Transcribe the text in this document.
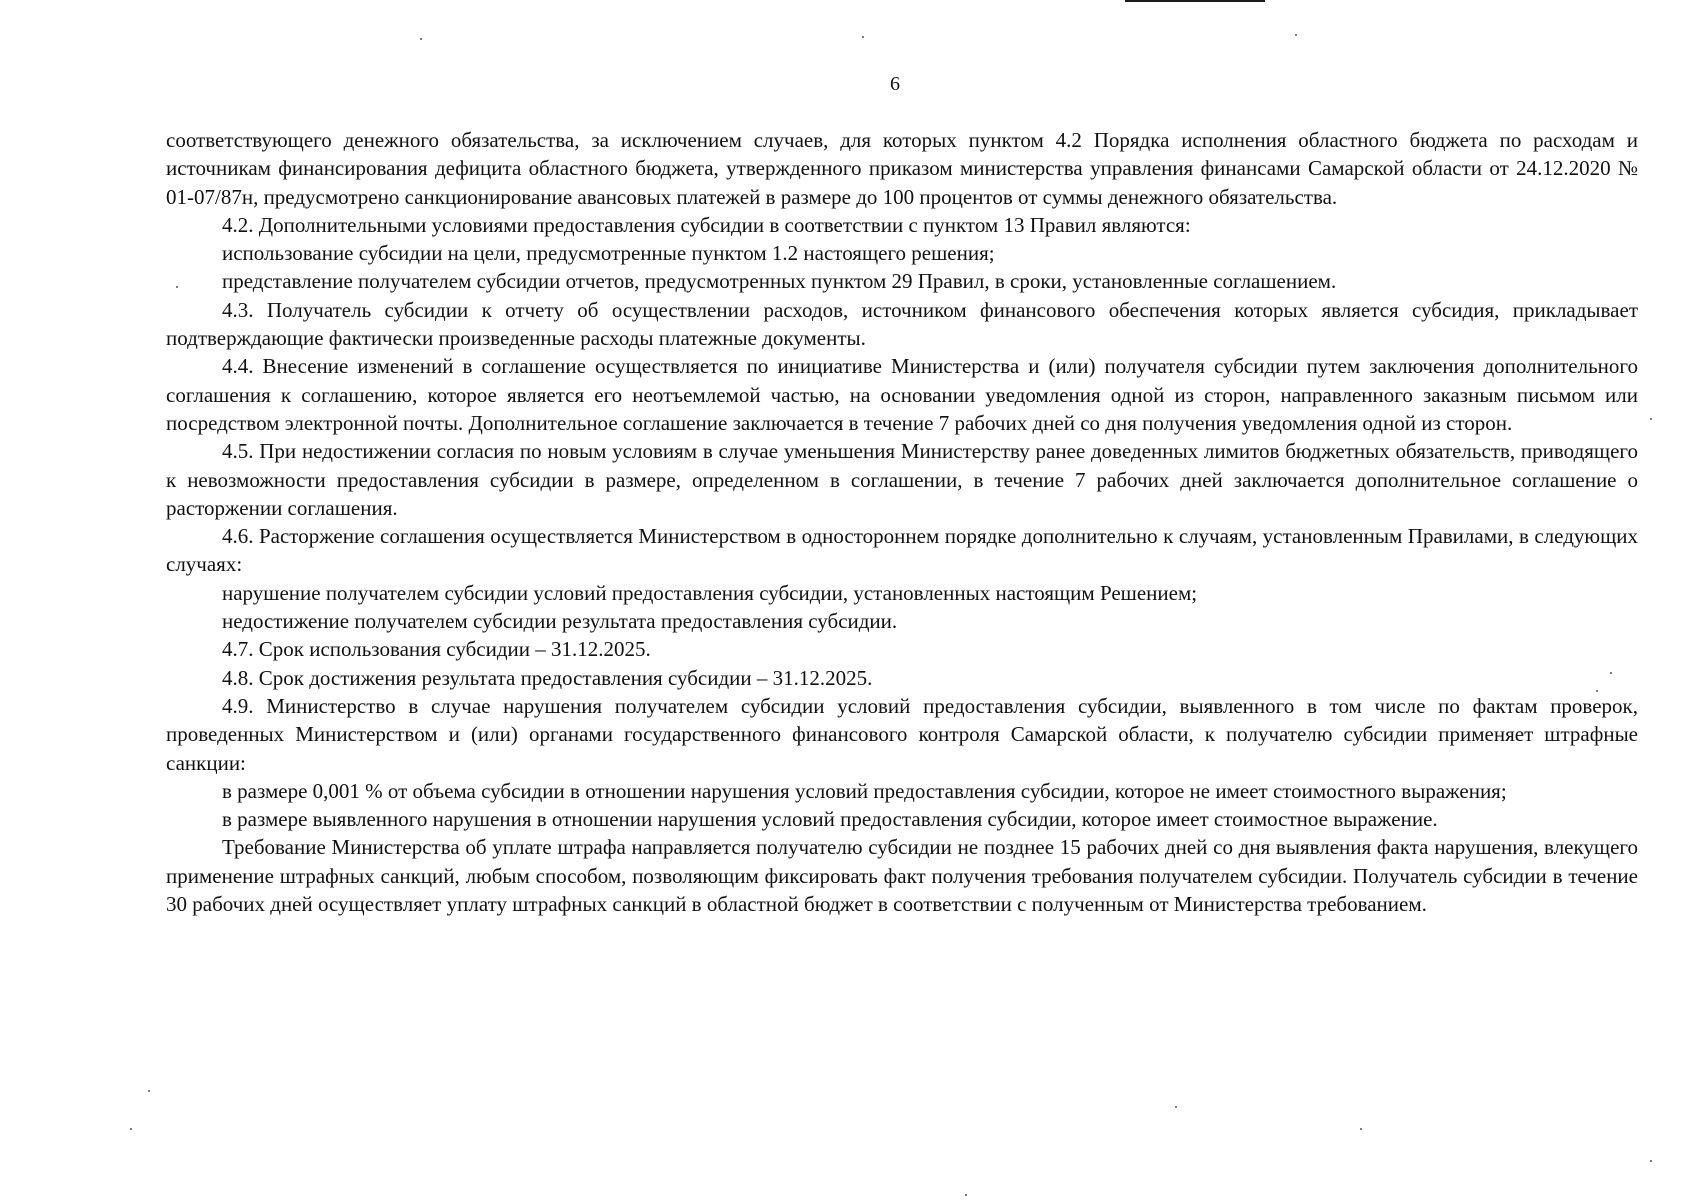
6

соответствующего денежного обязательства, за исключением случаев, для которых пунктом 4.2 Порядка исполнения областного бюджета по расходам и источникам финансирования дефицита областного бюджета, утвержденного приказом министерства управления финансами Самарской области от 24.12.2020 № 01-07/87н, предусмотрено санкционирование авансовых платежей в размере до 100 процентов от суммы денежного обязательства.

4.2. Дополнительными условиями предоставления субсидии в соответствии с пунктом 13 Правил являются:

использование субсидии на цели, предусмотренные пунктом 1.2 настоящего решения;

представление получателем субсидии отчетов, предусмотренных пунктом 29 Правил, в сроки, установленные соглашением.

4.3. Получатель субсидии к отчету об осуществлении расходов, источником финансового обеспечения которых является субсидия, прикладывает подтверждающие фактически произведенные расходы платежные документы.

4.4. Внесение изменений в соглашение осуществляется по инициативе Министерства и (или) получателя субсидии путем заключения дополнительного соглашения к соглашению, которое является его неотъемлемой частью, на основании уведомления одной из сторон, направленного заказным письмом или посредством электронной почты. Дополнительное соглашение заключается в течение 7 рабочих дней со дня получения уведомления одной из сторон.

4.5. При недостижении согласия по новым условиям в случае уменьшения Министерству ранее доведенных лимитов бюджетных обязательств, приводящего к невозможности предоставления субсидии в размере, определенном в соглашении, в течение 7 рабочих дней заключается дополнительное соглашение о расторжении соглашения.

4.6. Расторжение соглашения осуществляется Министерством в одностороннем порядке дополнительно к случаям, установленным Правилами, в следующих случаях:

нарушение получателем субсидии условий предоставления субсидии, установленных настоящим Решением;

недостижение получателем субсидии результата предоставления субсидии.

4.7. Срок использования субсидии – 31.12.2025.

4.8. Срок достижения результата предоставления субсидии – 31.12.2025.

4.9. Министерство в случае нарушения получателем субсидии условий предоставления субсидии, выявленного в том числе по фактам проверок, проведенных Министерством и (или) органами государственного финансового контроля Самарской области, к получателю субсидии применяет штрафные санкции:

в размере 0,001 % от объема субсидии в отношении нарушения условий предоставления субсидии, которое не имеет стоимостного выражения;

в размере выявленного нарушения в отношении нарушения условий предоставления субсидии, которое имеет стоимостное выражение.

Требование Министерства об уплате штрафа направляется получателю субсидии не позднее 15 рабочих дней со дня выявления факта нарушения, влекущего применение штрафных санкций, любым способом, позволяющим фиксировать факт получения требования получателем субсидии. Получатель субсидии в течение 30 рабочих дней осуществляет уплату штрафных санкций в областной бюджет в соответствии с полученным от Министерства требованием.
